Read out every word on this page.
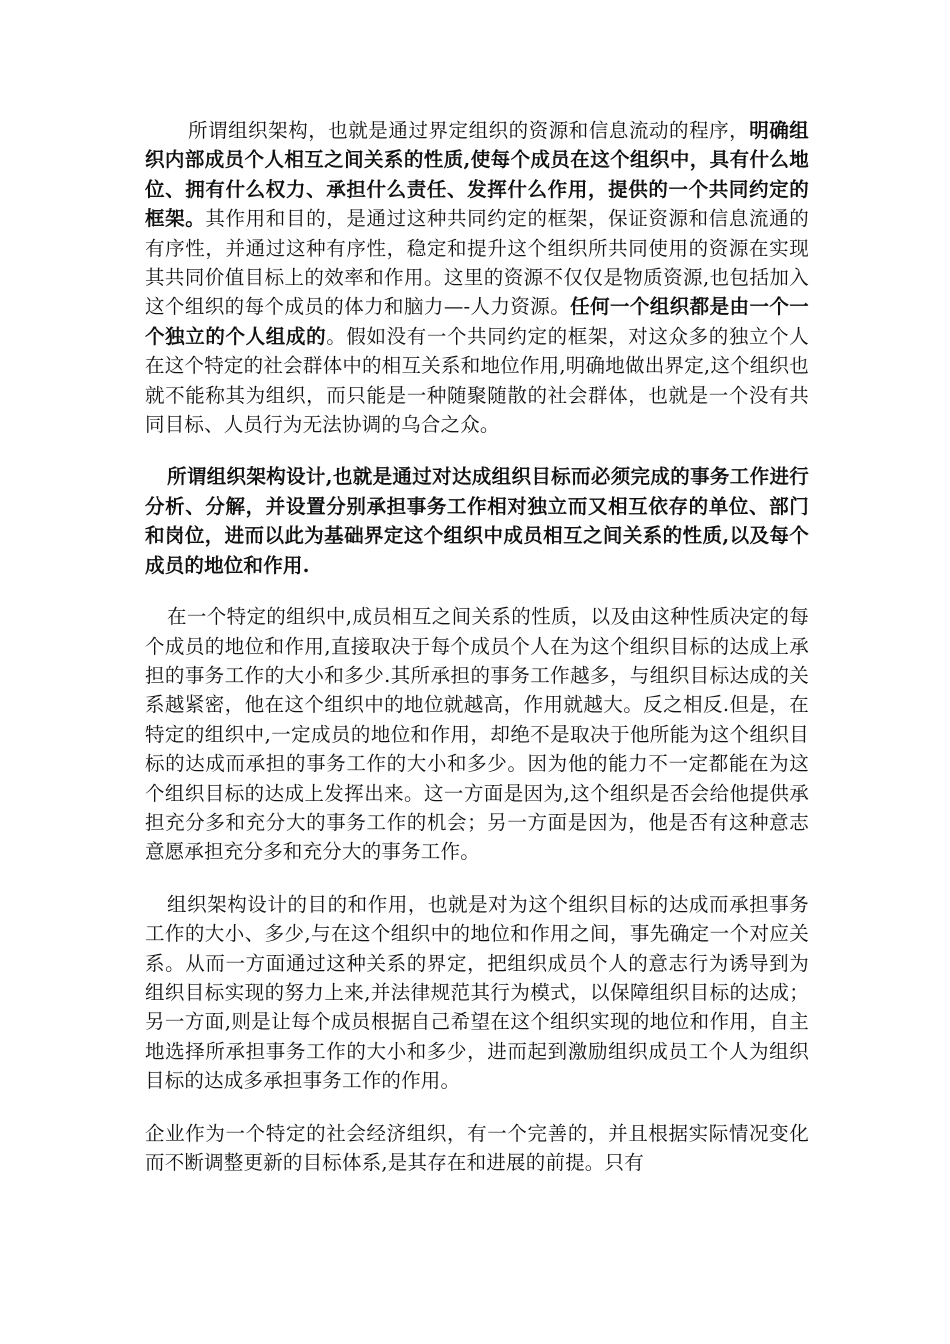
所谓组织架构，也就是通过界定组织的资源和信息流动的程序，明确组织内部成员个人相互之间关系的性质,使每个成员在这个组织中，具有什么地位、拥有什么权力、承担什么责任、发挥什么作用，提供的一个共同约定的框架。其作用和目的，是通过这种共同约定的框架，保证资源和信息流通的有序性，并通过这种有序性，稳定和提升这个组织所共同使用的资源在实现其共同价值目标上的效率和作用。这里的资源不仅仅是物质资源,也包括加入这个组织的每个成员的体力和脑力—-人力资源。任何一个组织都是由一个一个独立的个人组成的。假如没有一个共同约定的框架，对这众多的独立个人在这个特定的社会群体中的相互关系和地位作用,明确地做出界定,这个组织也就不能称其为组织，而只能是一种随聚随散的社会群体，也就是一个没有共同目标、人员行为无法协调的乌合之众。

所谓组织架构设计,也就是通过对达成组织目标而必须完成的事务工作进行分析、分解，并设置分别承担事务工作相对独立而又相互依存的单位、部门和岗位，进而以此为基础界定这个组织中成员相互之间关系的性质,以及每个成员的地位和作用.

在一个特定的组织中,成员相互之间关系的性质，以及由这种性质决定的每个成员的地位和作用,直接取决于每个成员个人在为这个组织目标的达成上承担的事务工作的大小和多少.其所承担的事务工作越多，与组织目标达成的关系越紧密，他在这个组织中的地位就越高，作用就越大。反之相反.但是，在特定的组织中,一定成员的地位和作用，却绝不是取决于他所能为这个组织目标的达成而承担的事务工作的大小和多少。因为他的能力不一定都能在为这个组织目标的达成上发挥出来。这一方面是因为,这个组织是否会给他提供承担充分多和充分大的事务工作的机会；另一方面是因为，他是否有这种意志意愿承担充分多和充分大的事务工作。

组织架构设计的目的和作用，也就是对为这个组织目标的达成而承担事务工作的大小、多少,与在这个组织中的地位和作用之间，事先确定一个对应关系。从而一方面通过这种关系的界定，把组织成员个人的意志行为诱导到为组织目标实现的努力上来,并法律规范其行为模式，以保障组织目标的达成；另一方面,则是让每个成员根据自己希望在这个组织实现的地位和作用，自主地选择所承担事务工作的大小和多少，进而起到激励组织成员工个人为组织目标的达成多承担事务工作的作用。

企业作为一个特定的社会经济组织，有一个完善的，并且根据实际情况变化而不断调整更新的目标体系,是其存在和进展的前提。只有
